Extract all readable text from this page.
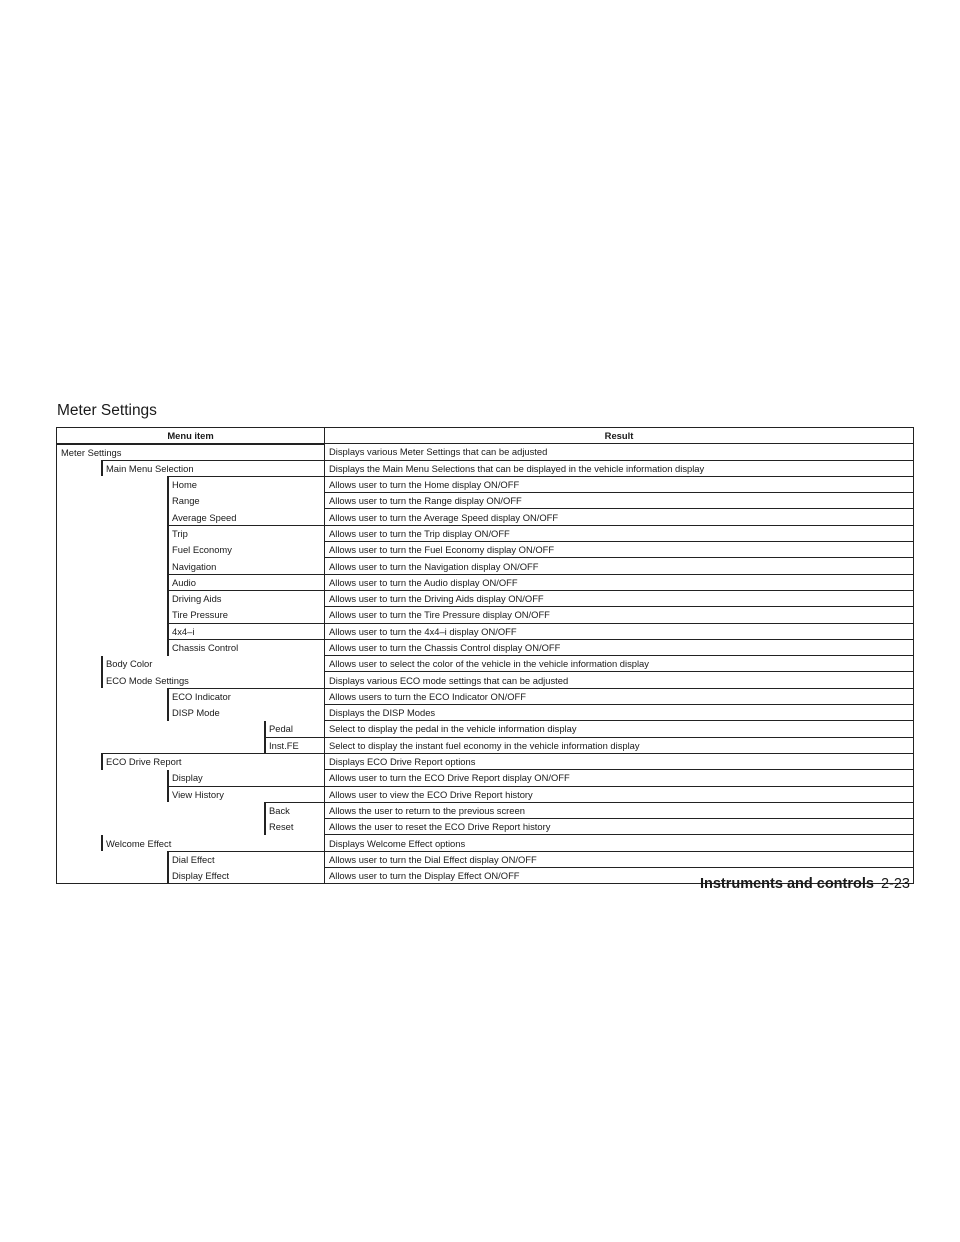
Meter Settings
Menu item	Result

Meter Settings	Displays various Meter Settings that can be adjusted

Main Menu Selection	Displays the Main Menu Selections that can be displayed in the vehicle information display

Home	Allows user to turn the Home display ON/OFF

Range	Allows user to turn the Range display ON/OFF

Average Speed	Allows user to turn the Average Speed display ON/OFF

Trip	Allows user to turn the Trip display ON/OFF

Fuel Economy	Allows user to turn the Fuel Economy display ON/OFF

Navigation	Allows user to turn the Navigation display ON/OFF

Audio	Allows user to turn the Audio display ON/OFF

Driving Aids	Allows user to turn the Driving Aids display ON/OFF

Tire Pressure	Allows user to turn the Tire Pressure display ON/OFF

4x4–i	Allows user to turn the 4x4–i display ON/OFF

Chassis Control	Allows user to turn the Chassis Control display ON/OFF

Body Color	Allows user to select the color of the vehicle in the vehicle information display

ECO Mode Settings	Displays various ECO mode settings that can be adjusted

ECO Indicator	Allows users to turn the ECO Indicator ON/OFF

DISP Mode	Displays the DISP Modes

Pedal	Select to display the pedal in the vehicle information display

Inst.FE	Select to display the instant fuel economy in the vehicle information display

ECO Drive Report	Displays ECO Drive Report options

Display	Allows user to turn the ECO Drive Report display ON/OFF

View History	Allows user to view the ECO Drive Report history

Back	Allows the user to return to the previous screen

Reset	Allows the user to reset the ECO Drive Report history

Welcome Effect	Displays Welcome Effect options

Dial Effect	Allows user to turn the Dial Effect display ON/OFF

Display Effect	Allows user to turn the Display Effect ON/OFF
Instruments and controls 2-23
